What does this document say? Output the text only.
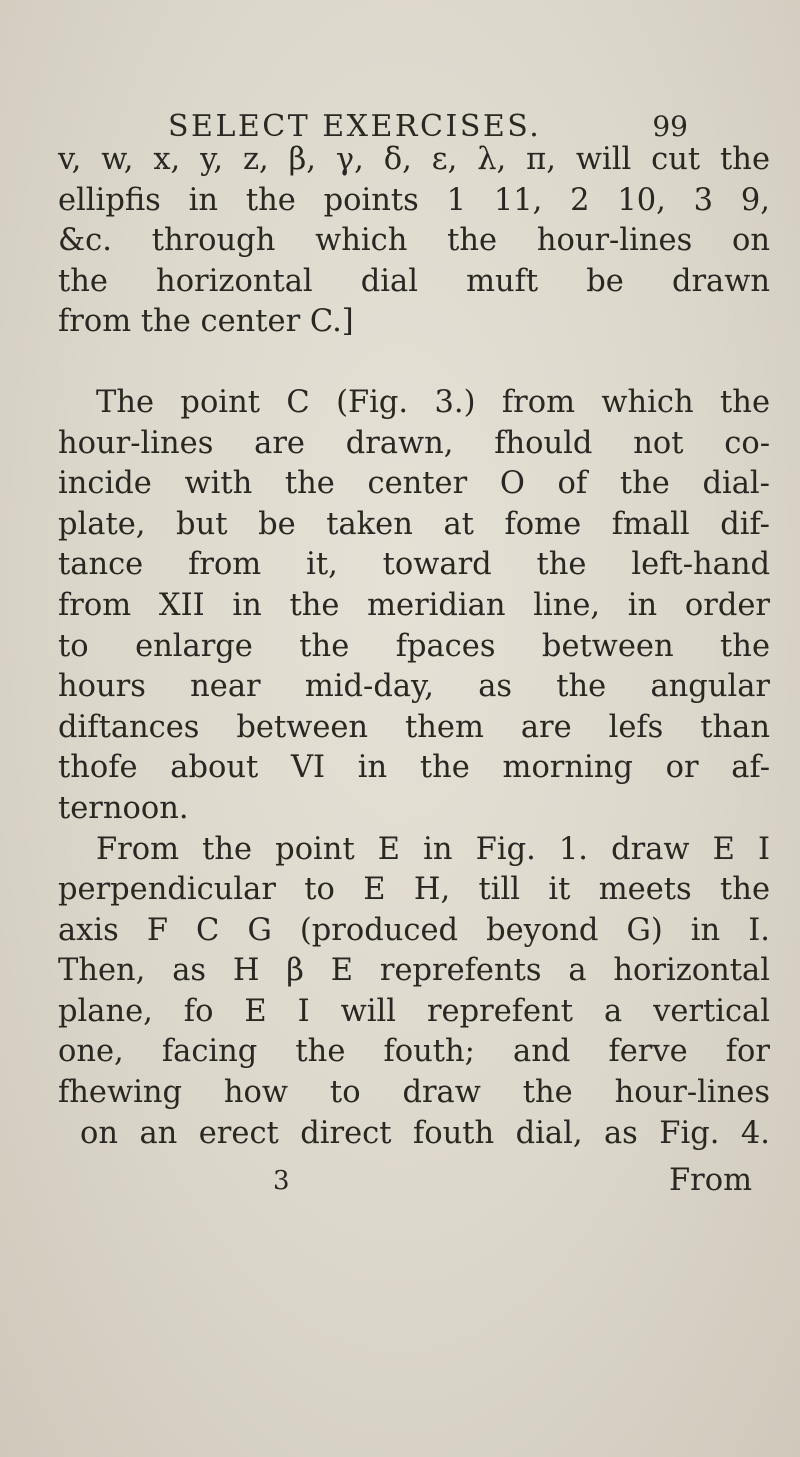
SELECT EXERCISES.	99
v, w, x, y, z, β, γ, δ, ε, λ, π, will cut the
ellipfis in the points 1 11, 2 10, 3 9,
&c. through which the hour-lines on
the horizontal dial muft be drawn
from the center C.]
The point C (Fig. 3.) from which the
hour-lines are drawn, fhould not co-
incide with the center O of the dial-
plate, but be taken at fome fmall dif-
tance from it, toward the left-hand
from XII in the meridian line, in order
to enlarge the fpaces between the
hours near mid-day, as the angular
diftances between them are lefs than
thofe about VI in the morning or af-
ternoon.
From the point E in Fig. 1. draw E I
perpendicular to E H, till it meets the
axis F C G (produced beyond G) in I.
Then, as H β E reprefents a horizontal
plane, fo E I will reprefent a vertical
one, facing the fouth; and ferve for
fhewing how to draw the hour-lines
on an erect direct fouth dial, as Fig. 4.
3	From
